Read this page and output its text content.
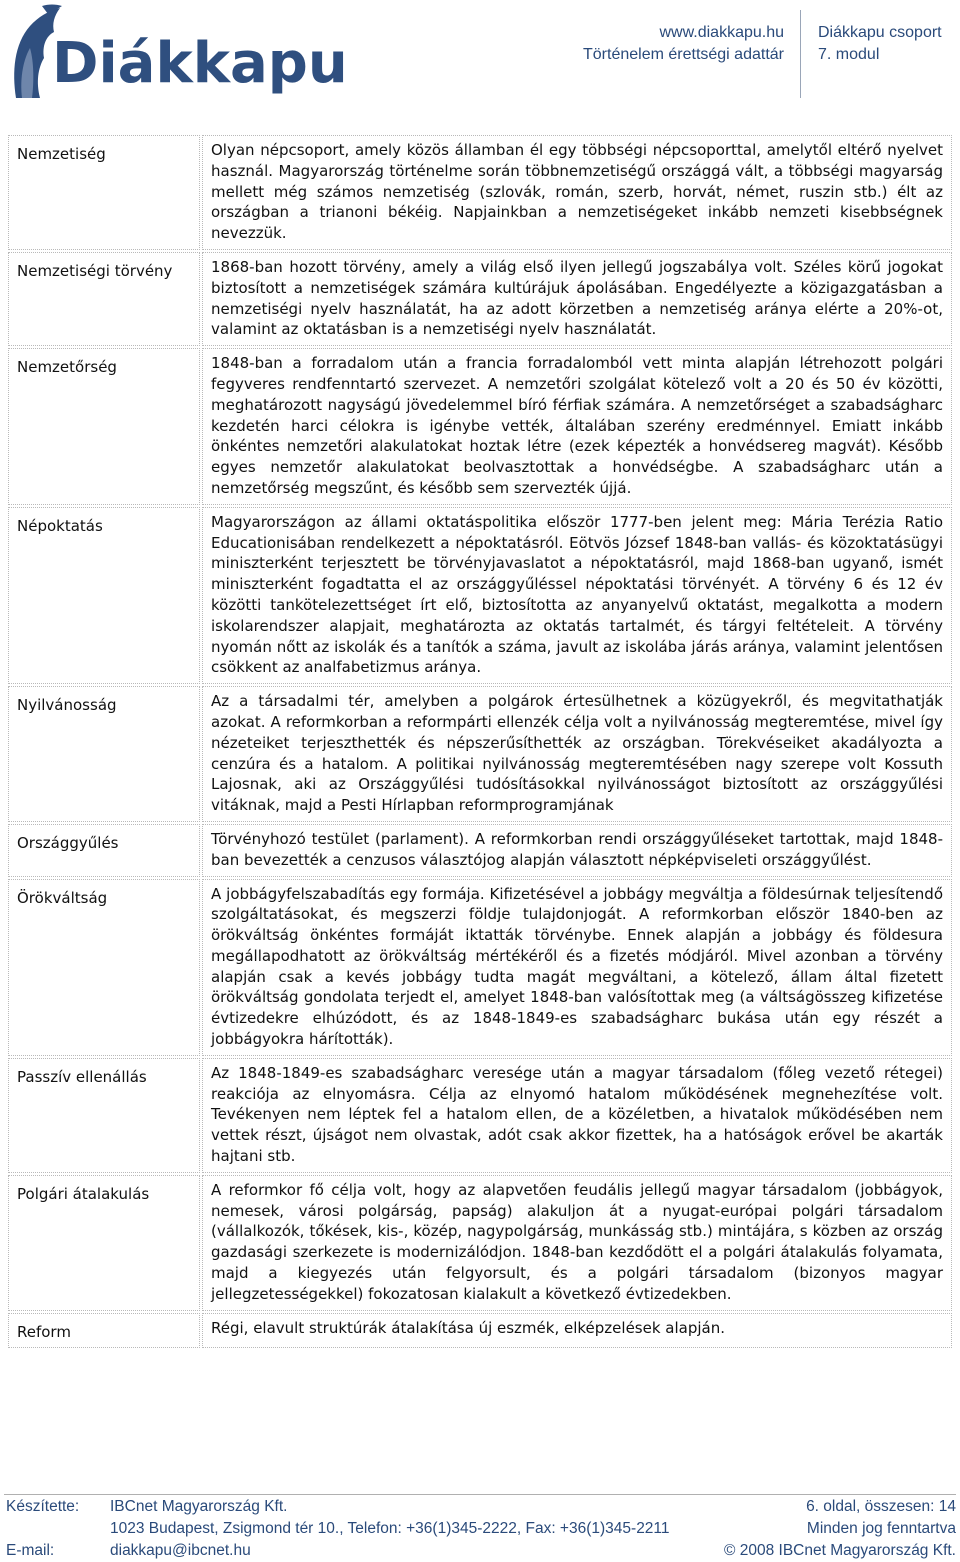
Diákkapu	www.diakkapu.hu
Történelem érettségi adattár
Diákkapu csoport
7. modul
Nemzetiség	Olyan népcsoport, amely közös államban él egy többségi népcsoporttal, amelytől eltérő nyelvet használ. Magyarország történelme során többnemzetiségű országgá vált, a többségi magyarság mellett még számos nemzetiség (szlovák, román, szerb, horvát, német, ruszin stb.) élt az országban a trianoni békéig. Napjainkban a nemzetiségeket inkább nemzeti kisebbségnek nevezzük.
Nemzetiségi törvény	1868-ban hozott törvény, amely a világ első ilyen jellegű jogszabálya volt. Széles körű jogokat biztosított a nemzetiségek számára kultúrájuk ápolásában. Engedélyezte a közigazgatásban a nemzetiségi nyelv használatát, ha az adott körzetben a nemzetiség aránya elérte a 20%-ot, valamint az oktatásban is a nemzetiségi nyelv használatát.
Nemzetőrség	1848-ban a forradalom után a francia forradalomból vett minta alapján létrehozott polgári fegyveres rendfenntartó szervezet. A nemzetőri szolgálat kötelező volt a 20 és 50 év közötti, meghatározott nagyságú jövedelemmel bíró férfiak számára. A nemzetőrséget a szabadságharc kezdetén harci célokra is igénybe vették, általában szerény eredménnyel. Emiatt inkább önkéntes nemzetőri alakulatokat hoztak létre (ezek képezték a honvédsereg magvát). Később egyes nemzetőr alakulatokat beolvasztottak a honvédségbe. A szabadságharc után a nemzetőrség megszűnt, és később sem szervezték újjá.
Népoktatás	Magyarországon az állami oktatáspolitika először 1777-ben jelent meg: Mária Terézia Ratio Educationisában rendelkezett a népoktatásról. Eötvös József 1848-ban vallás- és közoktatásügyi miniszterként terjesztett be törvényjavaslatot a népoktatásról, majd 1868-ban ugyanő, ismét miniszterként fogadtatta el az országgyűléssel népoktatási törvényét. A törvény 6 és 12 év közötti tankötelezettséget írt elő, biztosította az anyanyelvű oktatást, megalkotta a modern iskolarendszer alapjait, meghatározta az oktatás tartalmét, és tárgyi feltételeit. A törvény nyomán nőtt az iskolák és a tanítók a száma, javult az iskolába járás aránya, valamint jelentősen csökkent az analfabetizmus aránya.
Nyilvánosság	Az a társadalmi tér, amelyben a polgárok értesülhetnek a közügyekről, és megvitathatják azokat. A reformkorban a reformpárti ellenzék célja volt a nyilvánosság megteremtése, mivel így nézeteiket terjeszthették és népszerűsíthették az országban. Törekvéseiket akadályozta a cenzúra és a hatalom. A politikai nyilvánosság megteremtésében nagy szerepe volt Kossuth Lajosnak, aki az Országgyűlési tudósításokkal nyilvánosságot biztosított az országgyűlési vitáknak, majd a Pesti Hírlapban reformprogramjának
Országgyűlés	Törvényhozó testület (parlament). A reformkorban rendi országgyűléseket tartottak, majd 1848-ban bevezették a cenzusos választójog alapján választott népképviseleti országgyűlést.
Örökváltság	A jobbágyfelszabadítás egy formája. Kifizetésével a jobbágy megváltja a földesúrnak teljesítendő szolgáltatásokat, és megszerzi földje tulajdonjogát. A reformkorban először 1840-ben az örökváltság önkéntes formáját iktatták törvénybe. Ennek alapján a jobbágy és földesura megállapodhatott az örökváltság mértékéről és a fizetés módjáról. Mivel azonban a törvény alapján csak a kevés jobbágy tudta magát megváltani, a kötelező, állam által fizetett örökváltság gondolata terjedt el, amelyet 1848-ban valósítottak meg (a váltságösszeg kifizetése évtizedekre elhúzódott, és az 1848-1849-es szabadságharc bukása után egy részét a jobbágyokra hárították).
Passzív ellenállás	Az 1848-1849-es szabadságharc veresége után a magyar társadalom (főleg vezető rétegei) reakciója az elnyomásra. Célja az elnyomó hatalom működésének megnehezítése volt. Tevékenyen nem léptek fel a hatalom ellen, de a közéletben, a hivatalok működésében nem vettek részt, újságot nem olvastak, adót csak akkor fizettek, ha a hatóságok erővel be akarták hajtani stb.
Polgári átalakulás	A reformkor fő célja volt, hogy az alapvetően feudális jellegű magyar társadalom (jobbágyok, nemesek, városi polgárság, papság) alakuljon át a nyugat-európai polgári társadalom (vállalkozók, tőkések, kis-, közép, nagypolgárság, munkásság stb.) mintájára, s közben az ország gazdasági szerkezete is modernizálódjon. 1848-ban kezdődött el a polgári átalakulás folyamata, majd a kiegyezés után felgyorsult, és a polgári társadalom (bizonyos magyar jellegzetességekkel) fokozatosan kialakult a következő évtizedekben.
Reform	Régi, elavult struktúrák átalakítása új eszmék, elképzelések alapján.
Készítette: IBCnet Magyarország Kft.	6. oldal, összesen: 14
1023 Budapest, Zsigmond tér 10., Telefon: +36(1)345-2222, Fax: +36(1)345-2211	Minden jog fenntartva
E-mail:	diakkapu@ibcnet.hu	© 2008 IBCnet Magyarország Kft.
